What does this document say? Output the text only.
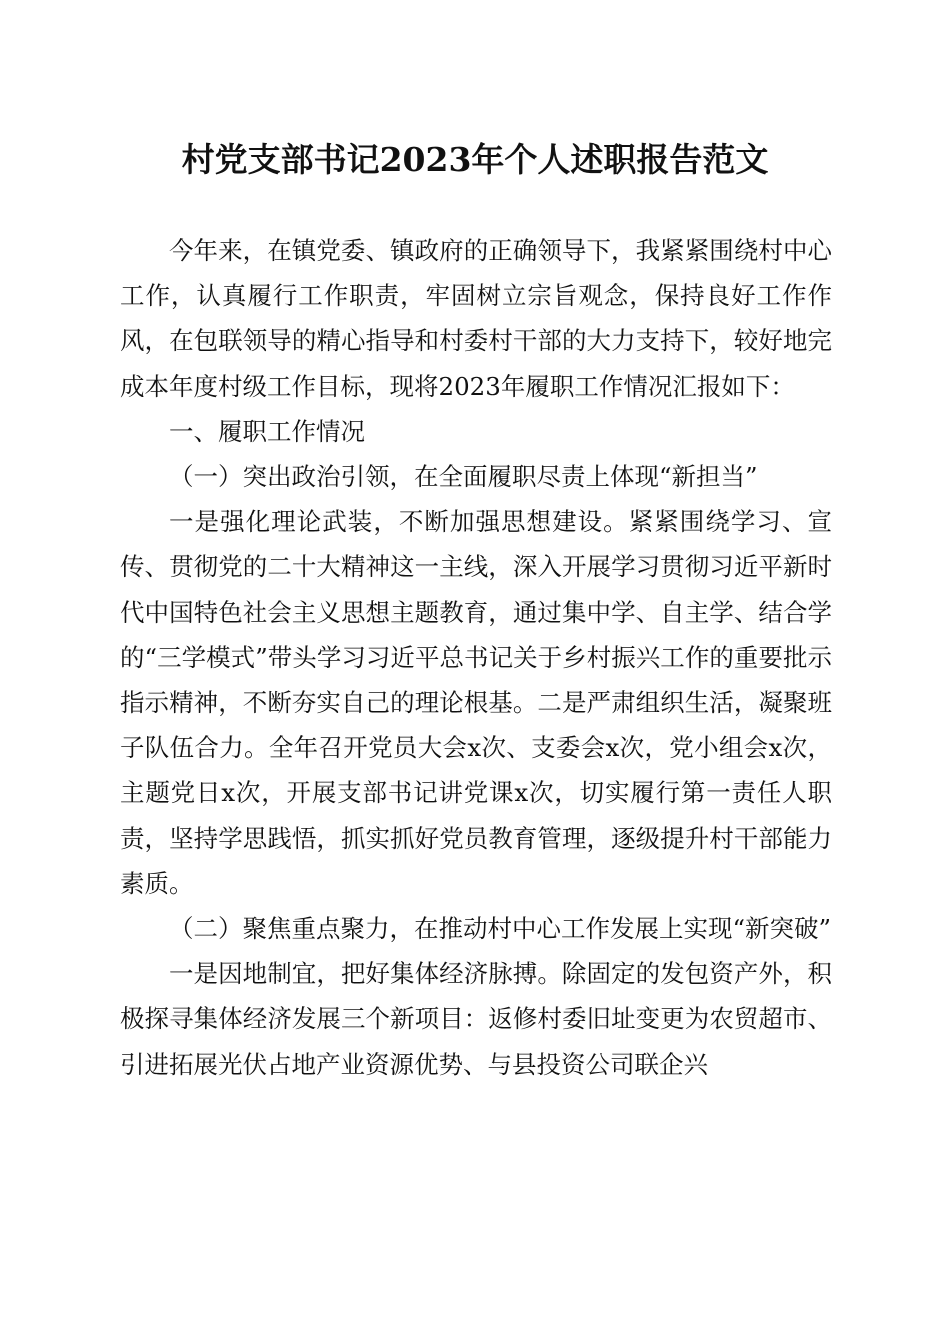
村党支部书记2023年个人述职报告范文

今年来，在镇党委、镇政府的正确领导下，我紧紧围绕村中心工作，认真履行工作职责，牢固树立宗旨观念，保持良好工作作风，在包联领导的精心指导和村委村干部的大力支持下，较好地完成本年度村级工作目标，现将2023年履职工作情况汇报如下：

一、履职工作情况

（一）突出政治引领，在全面履职尽责上体现“新担当”

一是强化理论武装，不断加强思想建设。紧紧围绕学习、宣传、贯彻党的二十大精神这一主线，深入开展学习贯彻习近平新时代中国特色社会主义思想主题教育，通过集中学、自主学、结合学的“三学模式”带头学习习近平总书记关于乡村振兴工作的重要批示指示精神，不断夯实自己的理论根基。二是严肃组织生活，凝聚班子队伍合力。全年召开党员大会x次、支委会x次，党小组会x次，主题党日x次，开展支部书记讲党课x次，切实履行第一责任人职责，坚持学思践悟，抓实抓好党员教育管理，逐级提升村干部能力素质。

（二）聚焦重点聚力，在推动村中心工作发展上实现“新突破”

一是因地制宜，把好集体经济脉搏。除固定的发包资产外，积极探寻集体经济发展三个新项目：返修村委旧址变更为农贸超市、引进拓展光伏占地产业资源优势、与县投资公司联企兴
